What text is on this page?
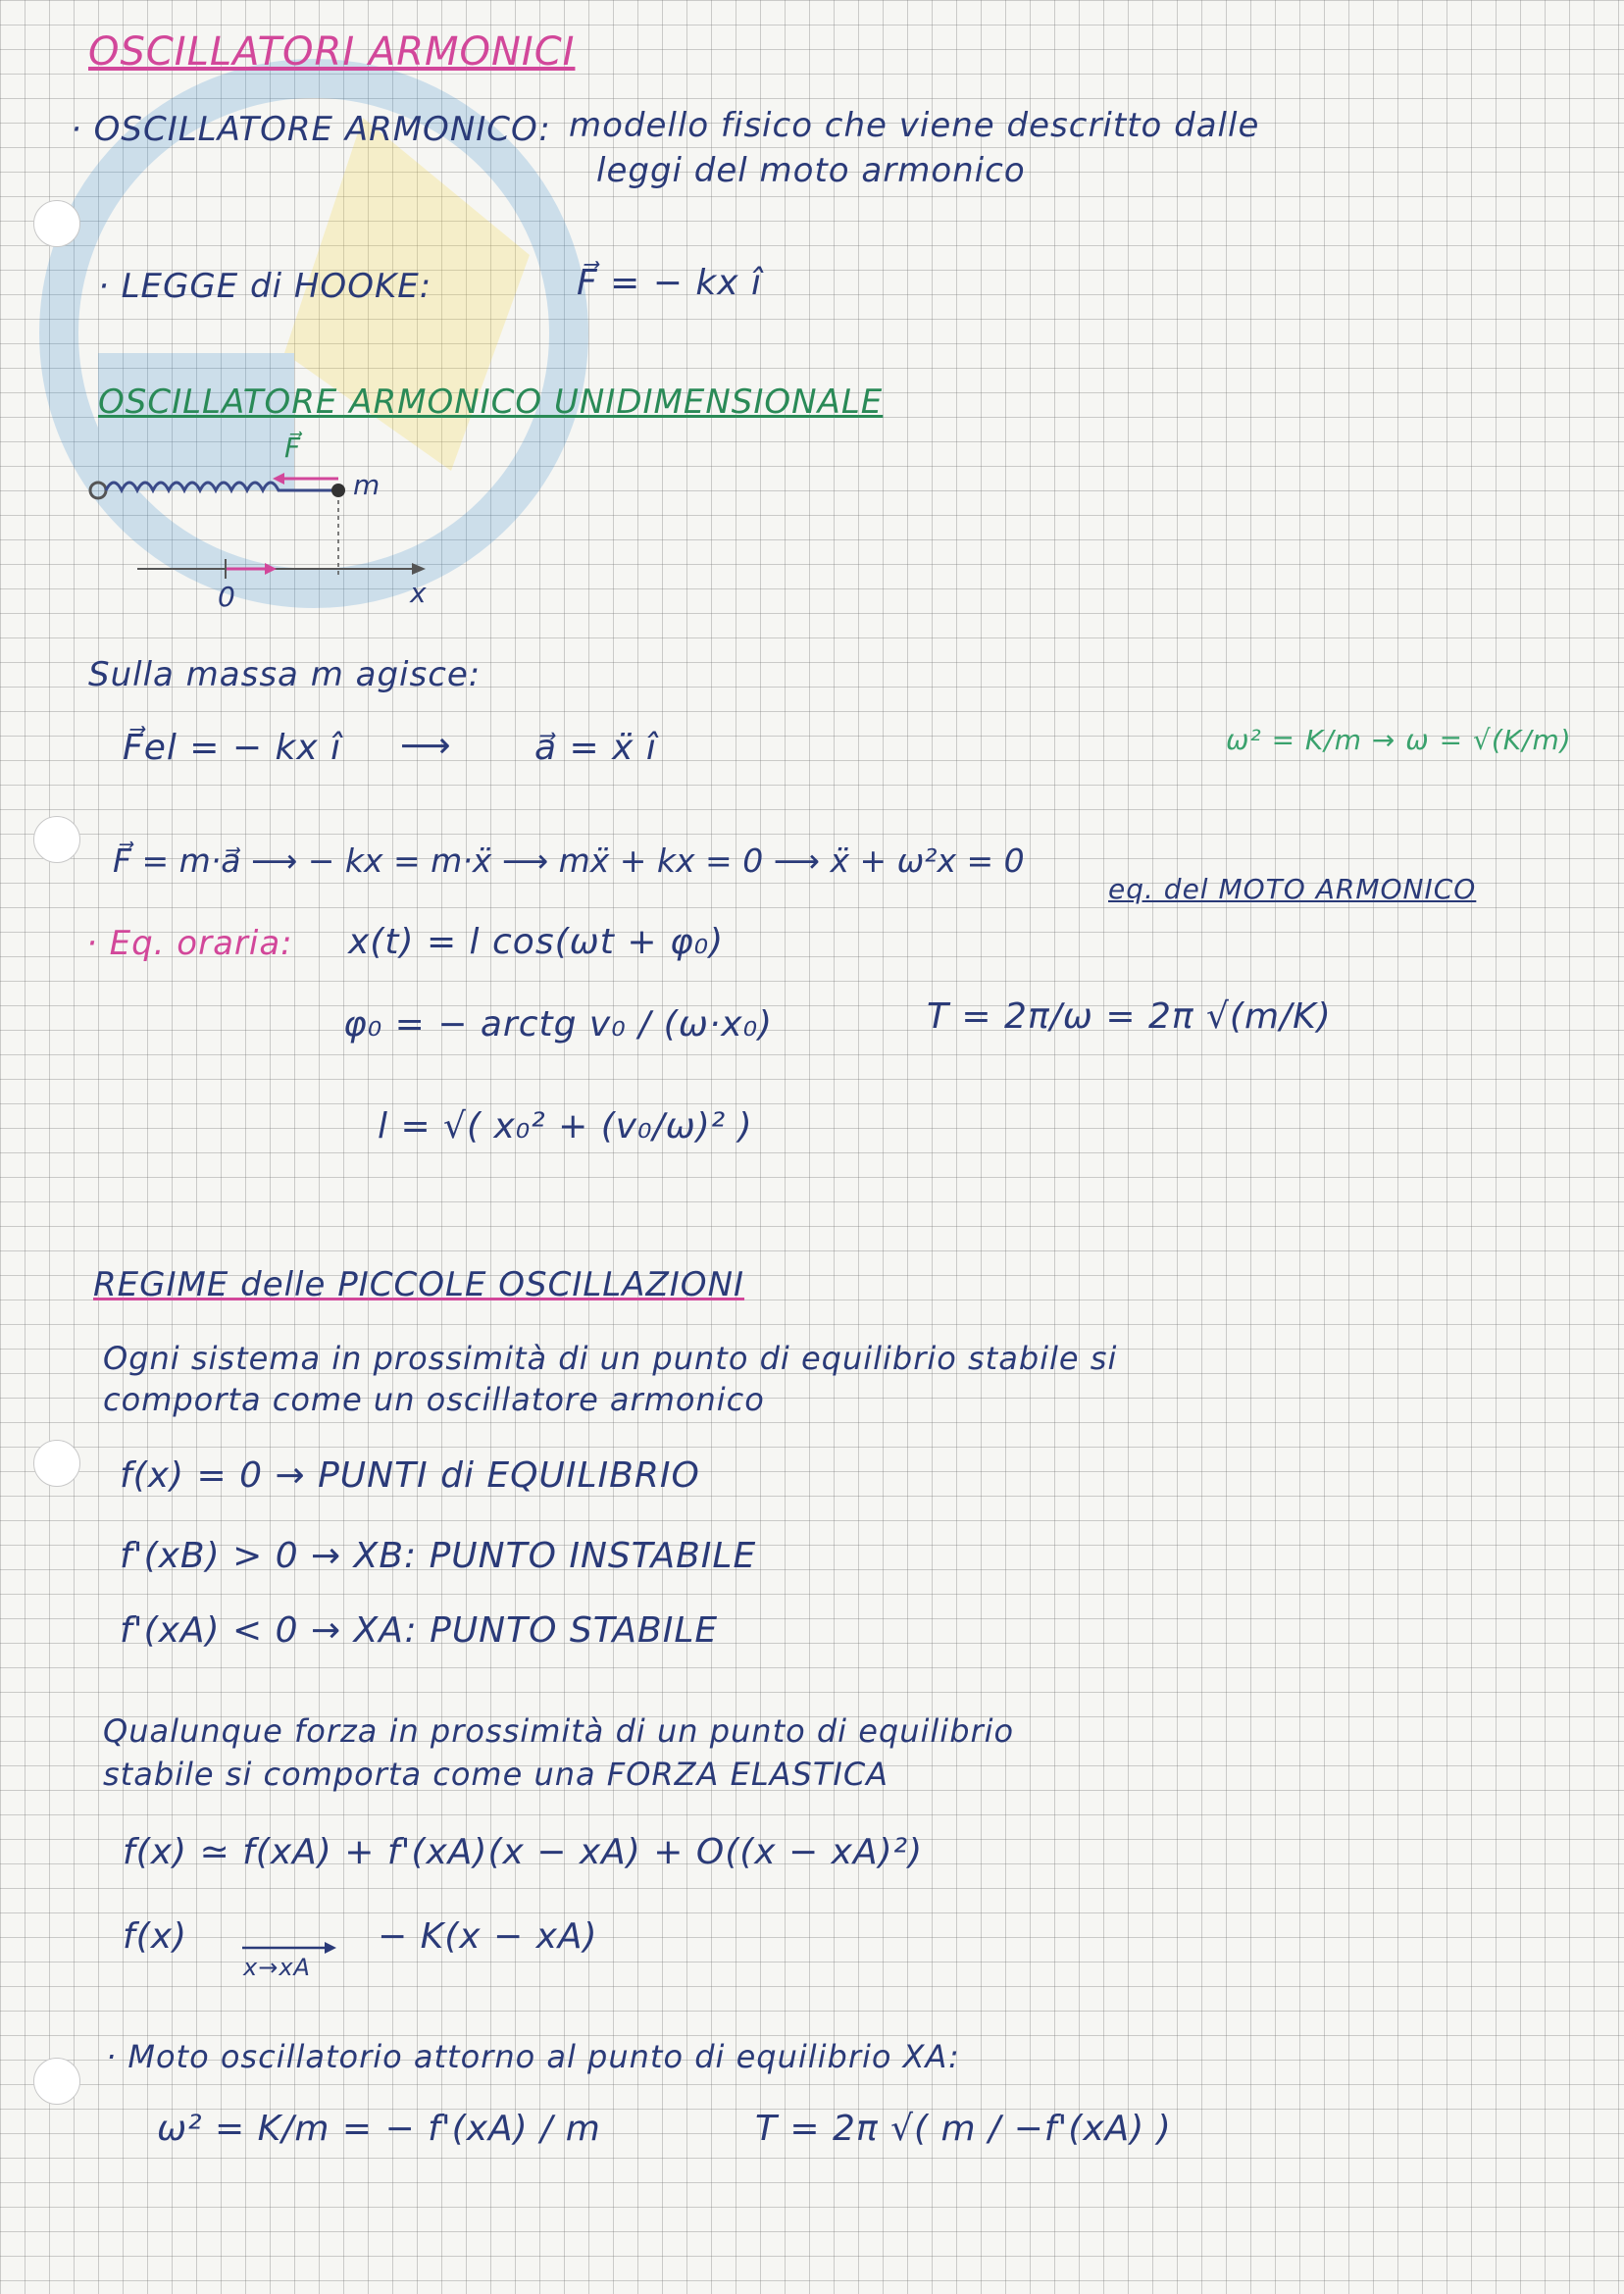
OSCILLATORI ARMONICI
· OSCILLATORE ARMONICO: modello fisico che viene descritto dalle
leggi del moto armonico
· LEGGE di HOOKE:	F⃗ = − kx î
OSCILLATORE ARMONICO UNIDIMENSIONALE
F⃗
m
0	x
Sulla massa m agisce:
F⃗el = − kx î ⟶ a⃗ = ẍ î	ω² = K/m → ω = √(K/m)
F⃗ = m·a⃗ ⟶ − kx = m·ẍ ⟶ mẍ + kx = 0 ⟶ ẍ + ω²x = 0
eq. del MOTO ARMONICO
· Eq. oraria: x(t) = l cos(ωt + φ₀)
φ₀ = − arctg v₀ / (ω·x₀)	T = 2π/ω = 2π √(m/K)
l = √( x₀² + (v₀/ω)² )
REGIME delle PICCOLE OSCILLAZIONI
Ogni sistema in prossimità di un punto di equilibrio stabile si
comporta come un oscillatore armonico
f(x) = 0 → PUNTI di EQUILIBRIO
f'(xB) > 0 → XB: PUNTO INSTABILE
f'(xA) < 0 → XA: PUNTO STABILE
Qualunque forza in prossimità di un punto di equilibrio
stabile si comporta come una FORZA ELASTICA
f(x) ≃ f(xA) + f'(xA)(x − xA) + O((x − xA)²)
f(x)
x→xA
− K(x − xA)
· Moto oscillatorio attorno al punto di equilibrio XA:
ω² = K/m = − f'(xA) / m	T = 2π √( m / −f'(xA) )
